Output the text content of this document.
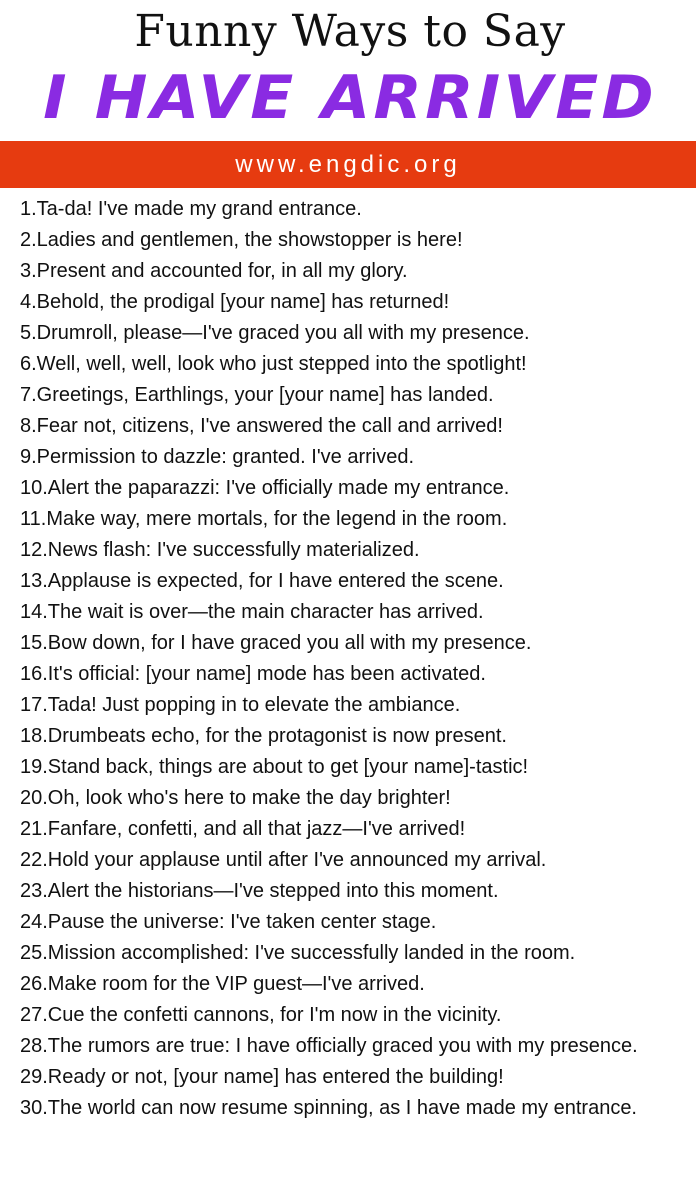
Funny Ways to Say
I HAVE ARRIVED
www.engdic.org
1.Ta-da! I've made my grand entrance.
2.Ladies and gentlemen, the showstopper is here!
3.Present and accounted for, in all my glory.
4.Behold, the prodigal [your name] has returned!
5.Drumroll, please—I've graced you all with my presence.
6.Well, well, well, look who just stepped into the spotlight!
7.Greetings, Earthlings, your [your name] has landed.
8.Fear not, citizens, I've answered the call and arrived!
9.Permission to dazzle: granted. I've arrived.
10.Alert the paparazzi: I've officially made my entrance.
11.Make way, mere mortals, for the legend in the room.
12.News flash: I've successfully materialized.
13.Applause is expected, for I have entered the scene.
14.The wait is over—the main character has arrived.
15.Bow down, for I have graced you all with my presence.
16.It's official: [your name] mode has been activated.
17.Tada! Just popping in to elevate the ambiance.
18.Drumbeats echo, for the protagonist is now present.
19.Stand back, things are about to get [your name]-tastic!
20.Oh, look who's here to make the day brighter!
21.Fanfare, confetti, and all that jazz—I've arrived!
22.Hold your applause until after I've announced my arrival.
23.Alert the historians—I've stepped into this moment.
24.Pause the universe: I've taken center stage.
25.Mission accomplished: I've successfully landed in the room.
26.Make room for the VIP guest—I've arrived.
27.Cue the confetti cannons, for I'm now in the vicinity.
28.The rumors are true: I have officially graced you with my presence.
29.Ready or not, [your name] has entered the building!
30.The world can now resume spinning, as I have made my entrance.
